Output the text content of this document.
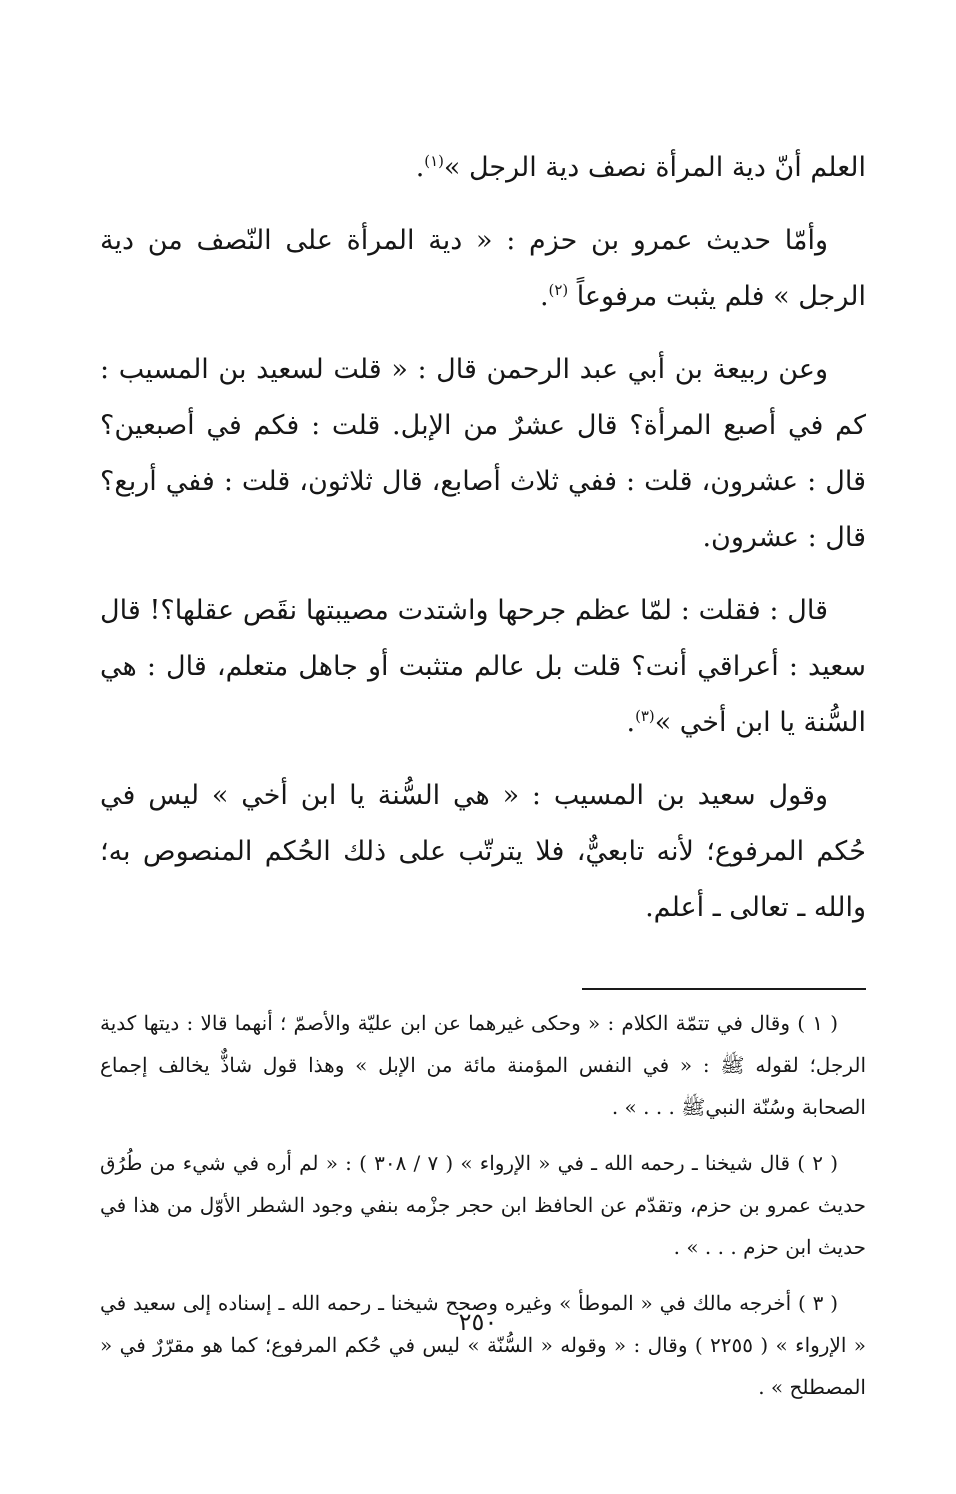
العلم أنّ دية المرأة نصف دية الرجل »$^{(١)}$.

وأمّا حديث عمرو بن حزم : « دية المرأة على النّصف من دية الرجل » فلم يثبت مرفوعاً $^{(٢)}$.

وعن ربيعة بن أبي عبد الرحمن قال : « قلت لسعيد بن المسيب : كم في أصبع المرأة؟ قال عشرٌ من الإبل. قلت : فكم في أصبعين؟ قال : عشرون، قلت : ففي ثلاث أصابع، قال ثلاثون، قلت : ففي أربع؟ قال : عشرون.

قال : فقلت : لمّا عظم جرحها واشتدت مصيبتها نقَص عقلها؟! قال سعيد : أعراقي أنت؟ قلت بل عالم متثبت أو جاهل متعلم، قال : هي السُّنة يا ابن أخي »$^{(٣)}$.

وقول سعيد بن المسيب : « هي السُّنة يا ابن أخي » ليس في حُكم المرفوع؛ لأنه تابعيٌّ، فلا يترتّب على ذلك الحُكم المنصوص به؛ والله ـ تعالى ـ أعلم.

( ١ ) وقال في تتمّة الكلام : « وحكى غيرهما عن ابن عليّة والأصمّ ؛ أنهما قالا : ديتها كدية الرجل؛ لقوله ﷺ : « في النفس المؤمنة مائة من الإبل » وهذا قول شاذٌّ يخالف إجماع الصحابة وسُنّة النبيﷺ . . . » .

( ٢ ) قال شيخنا ـ رحمه الله ـ في « الإرواء » ( ٧ / ٣٠٨ ) : « لم أره في شيء من طُرُق حديث عمرو بن حزم، وتقدّم عن الحافظ ابن حجر جزْمه بنفي وجود الشطر الأوّل من هذا في حديث ابن حزم . . . » .

( ٣ ) أخرجه مالك في « الموطأ » وغيره وصحح شيخنا ـ رحمه الله ـ إسناده إلى سعيد في « الإرواء » ( ٢٢٥٥ ) وقال : « وقوله « السُّنّة » ليس في حُكم المرفوع؛ كما هو مقرّرٌ في « المصطلح » .

٢٥٠
